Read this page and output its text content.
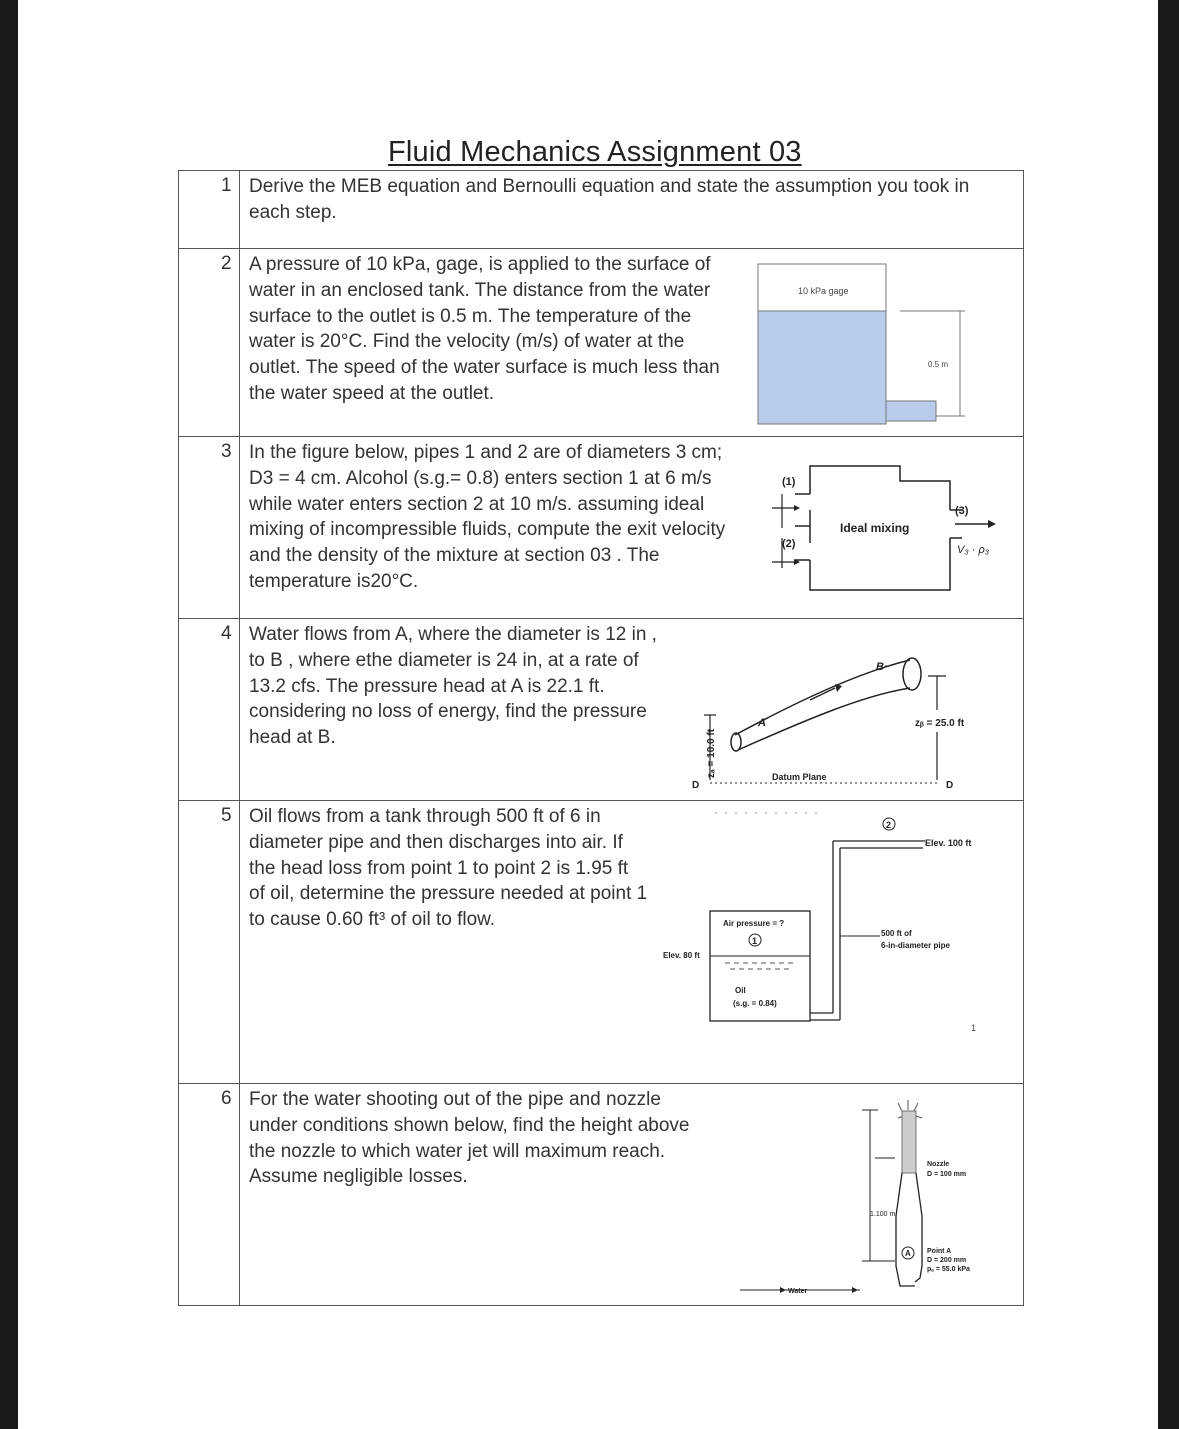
Fluid Mechanics Assignment 03
1 Derive the MEB equation and Bernoulli equation and state the assumption you took in each step.
2 A pressure of 10 kPa, gage, is applied to the surface of water in an enclosed tank. The distance from the water surface to the outlet is 0.5 m. The temperature of the water is 20°C. Find the velocity (m/s) of water at the outlet. The speed of the water surface is much less than the water speed at the outlet.
3 In the figure below, pipes 1 and 2 are of diameters 3 cm; D3 = 4 cm. Alcohol (s.g.= 0.8) enters section 1 at 6 m/s while water enters section 2 at 10 m/s. assuming ideal mixing of incompressible fluids, compute the exit velocity and the density of the mixture at section 03 . The temperature is20°C.
4 Water flows from A, where the diameter is 12 in , to B , where ethe diameter is 24 in, at a rate of 13.2 cfs. The pressure head at A is 22.1 ft. considering no loss of energy, find the pressure head at B.
5 Oil flows from a tank through 500 ft of 6 in diameter pipe and then discharges into air. If the head loss from point 1 to point 2 is 1.95 ft of oil, determine the pressure needed at point 1 to cause 0.60 ft³ of oil to flow.
6 For the water shooting out of the pipe and nozzle under conditions shown below, find the height above the nozzle to which water jet will maximum reach. Assume negligible losses.
10 kPa gage
0.5 m
(1)
(2)
(3)
Ideal mixing
V₃ · ρ₃
A
B·
zₐ = 10.0 ft
zᵦ = 25.0 ft
D	D
Datum Plane
2
Elev. 100 ft
500 ft of
6-in-diameter pipe
Air pressure = ?
1
Elev. 80 ft
Oil
(s.g. = 0.84)
1
Nozzle
D = 100 mm
1.100 m
A Point A
D = 200 mm
pₐ = 55.0 kPa
Water
